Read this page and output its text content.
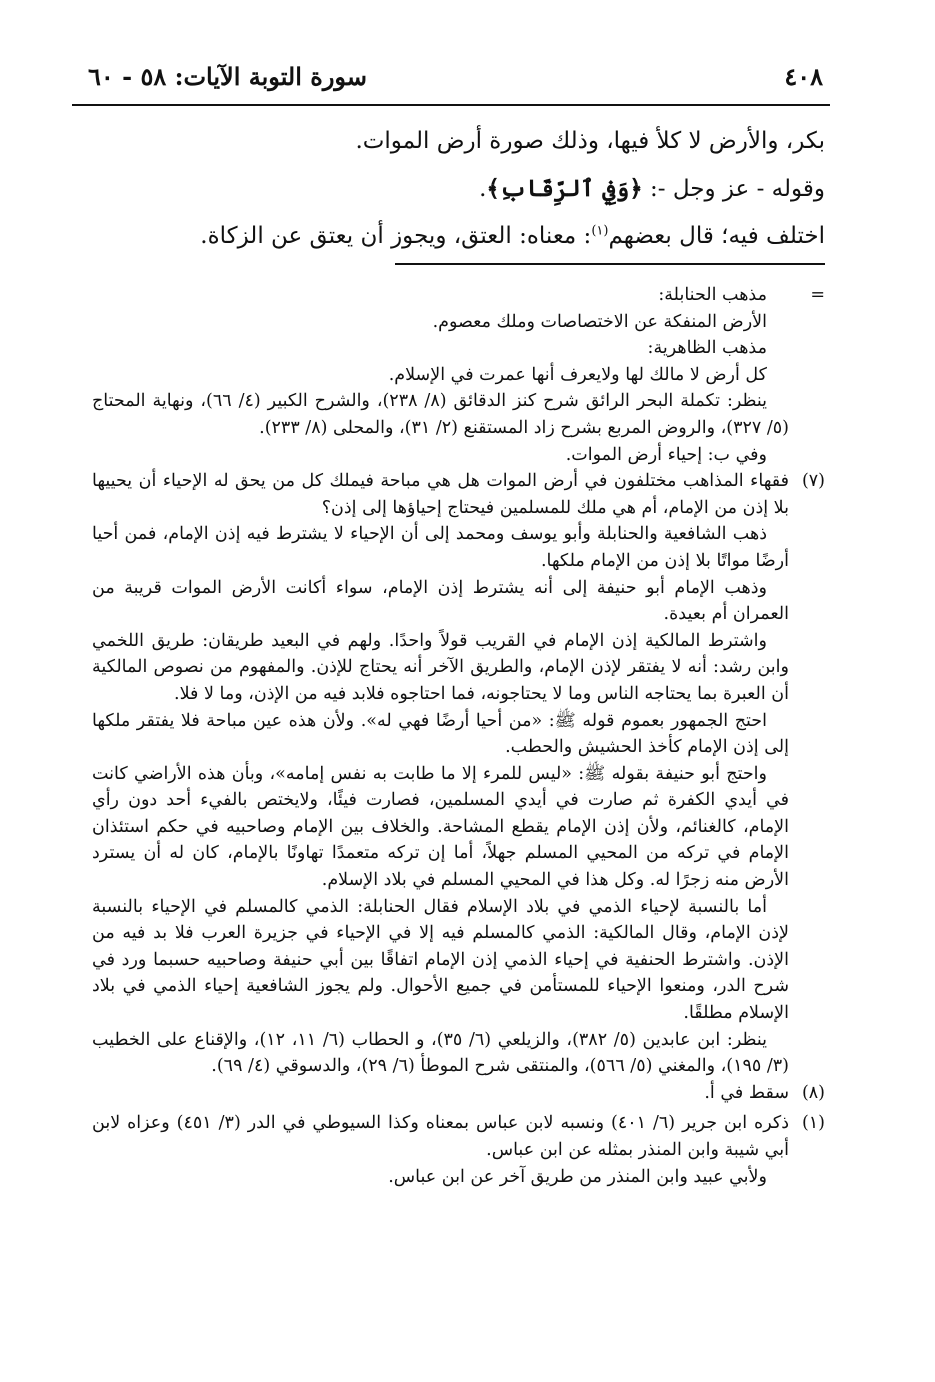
٤٠٨
سورة التوبة الآيات: ٥٨ - ٦٠

بكر، والأرض لا كلأ فيها، وذلك صورة أرض الموات.

وقوله - عز وجل -: ﴿وَفِي ٱلرِّقَابِ﴾.

اختلف فيه؛ قال بعضهم$^{(١)}$: معناه: العتق، ويجوز أن يعتق عن الزكاة.

=

مذهب الحنابلة:

الأرض المنفكة عن الاختصاصات وملك معصوم.

مذهب الظاهرية:

كل أرض لا مالك لها ولايعرف أنها عمرت في الإسلام.

ينظر: تكملة البحر الرائق شرح كنز الدقائق (٨/ ٢٣٨)، والشرح الكبير (٤/ ٦٦)، ونهاية المحتاج (٥/ ٣٢٧)، والروض المربع بشرح زاد المستقنع (٢/ ٣١)، والمحلى (٨/ ٢٣٣).

وفي ب: إحياء أرض الموات.

(٧)

فقهاء المذاهب مختلفون في أرض الموات هل هي مباحة فيملك كل من يحق له الإحياء أن يحييها بلا إذن من الإمام، أم هي ملك للمسلمين فيحتاج إحياؤها إلى إذن؟

ذهب الشافعية والحنابلة وأبو يوسف ومحمد إلى أن الإحياء لا يشترط فيه إذن الإمام، فمن أحيا أرضًا مواتًا بلا إذن من الإمام ملكها.

وذهب الإمام أبو حنيفة إلى أنه يشترط إذن الإمام، سواء أكانت الأرض الموات قريبة من العمران أم بعيدة.

واشترط المالكية إذن الإمام في القريب قولاً واحدًا. ولهم في البعيد طريقان: طريق اللخمي وابن رشد: أنه لا يفتقر لإذن الإمام، والطريق الآخر أنه يحتاج للإذن. والمفهوم من نصوص المالكية أن العبرة بما يحتاجه الناس وما لا يحتاجونه، فما احتاجوه فلابد فيه من الإذن، وما لا فلا.

احتج الجمهور بعموم قوله ﷺ: «من أحيا أرضًا فهي له». ولأن هذه عين مباحة فلا يفتقر ملكها إلى إذن الإمام كأخذ الحشيش والحطب.

واحتج أبو حنيفة بقوله ﷺ: «ليس للمرء إلا ما طابت به نفس إمامه»، وبأن هذه الأراضي كانت في أيدي الكفرة ثم صارت في أيدي المسلمين، فصارت فيئًا، ولايختص بالفيء أحد دون رأي الإمام، كالغنائم، ولأن إذن الإمام يقطع المشاحة. والخلاف بين الإمام وصاحبيه في حكم استئذان الإمام في تركه من المحيي المسلم جهلاً، أما إن تركه متعمدًا تهاونًا بالإمام، كان له أن يسترد الأرض منه زجرًا له. وكل هذا في المحيي المسلم في بلاد الإسلام.

أما بالنسبة لإحياء الذمي في بلاد الإسلام فقال الحنابلة: الذمي كالمسلم في الإحياء بالنسبة لإذن الإمام، وقال المالكية: الذمي كالمسلم فيه إلا في الإحياء في جزيرة العرب فلا بد فيه من الإذن. واشترط الحنفية في إحياء الذمي إذن الإمام اتفاقًا بين أبي حنيفة وصاحبيه حسبما ورد في شرح الدر، ومنعوا الإحياء للمستأمن في جميع الأحوال. ولم يجوز الشافعية إحياء الذمي في بلاد الإسلام مطلقًا.

ينظر: ابن عابدين (٥/ ٣٨٢)، والزيلعي (٦/ ٣٥)، و الحطاب (٦/ ١١، ١٢)، والإقناع على الخطيب (٣/ ١٩٥)، والمغني (٥/ ٥٦٦)، والمنتقى شرح الموطأ (٦/ ٢٩)، والدسوقي (٤/ ٦٩).

(٨)

سقط في أ.

(١)

ذكره ابن جرير (٦/ ٤٠١) ونسبه لابن عباس بمعناه وكذا السيوطي في الدر (٣/ ٤٥١) وعزاه لابن أبي شيبة وابن المنذر بمثله عن ابن عباس.

ولأبي عبيد وابن المنذر من طريق آخر عن ابن عباس.
